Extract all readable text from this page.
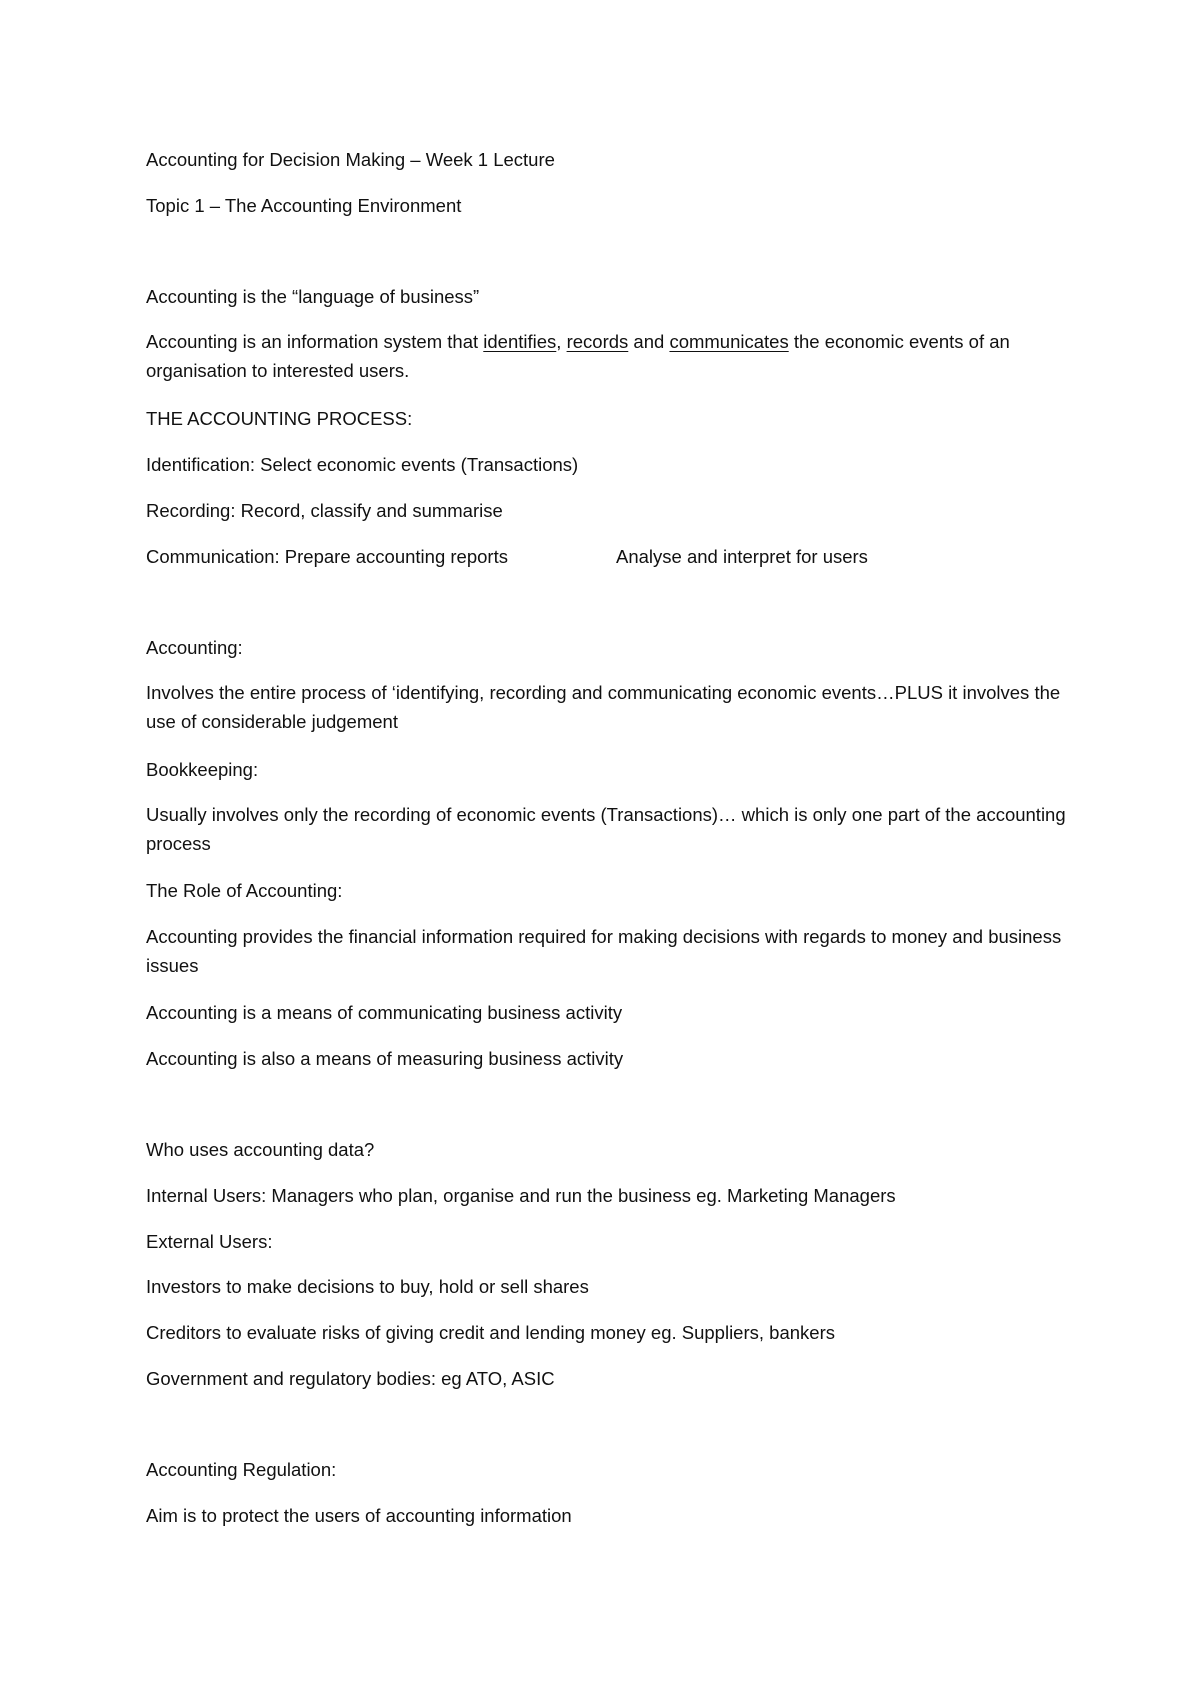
Accounting for Decision Making – Week 1 Lecture
Topic 1 – The Accounting Environment
Accounting is the “language of business”
Accounting is an information system that identifies, records and communicates the economic events of an organisation to interested users.
THE ACCOUNTING PROCESS:
Identification: Select economic events (Transactions)
Recording: Record, classify and summarise
Communication: Prepare accounting reports	Analyse and interpret for users
Accounting:
Involves the entire process of ‘identifying, recording and communicating economic events…PLUS it involves the use of considerable judgement
Bookkeeping:
Usually involves only the recording of economic events (Transactions)… which is only one part of the accounting process
The Role of Accounting:
Accounting provides the financial information required for making decisions with regards to money and business issues
Accounting is a means of communicating business activity
Accounting is also a means of measuring business activity
Who uses accounting data?
Internal Users: Managers who plan, organise and run the business eg. Marketing Managers
External Users:
Investors to make decisions to buy, hold or sell shares
Creditors to evaluate risks of giving credit and lending money eg. Suppliers, bankers
Government and regulatory bodies: eg ATO, ASIC
Accounting Regulation:
Aim is to protect the users of accounting information
